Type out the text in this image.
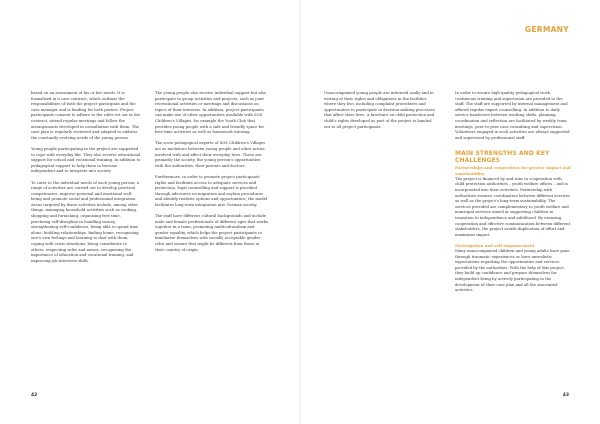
GERMANY

based on an assessment of his or her needs. It is formalised in a care contract, which outlines the responsibilities of both the project participant and the case manager and is binding for both parties. Project participants consent to adhere to the rules set out in the contract, attend regular meetings and follow the arrangements developed in consultation with them. The care plan is regularly reviewed and adapted to address the constantly evolving needs of the young person.

Young people participating in the project are supported to cope with everyday life. They also receive educational support for school and vocational training. In addition to pedagogical support to help them to become independent and to integrate into society.

To cater to the individual needs of each young person, a range of activities are carried out to develop practical competencies, improve personal and emotional well-being and promote social and professional integration. Areas targeted by these activities include, among other things, managing household activities such as cooking, shopping and furnishing, organising free time, practising self-discipline in handling money, strengthening self-confidence, being able to spend time alone, building relationships, finding home, recognising one's own feelings and learning to deal with them, coping with crisis situations, being considerate to others, respecting rules and norms, recognising the importance of education and vocational training, and improving job interview skills.

The young people also receive individual support but also participate in group activities and projects, such as joint recreational activities or meetings and discussions on topics of their interests. In addition, project participants can make use of other opportunities available with SOS Children's Villages, for example the Youth Club that provides young people with a safe and friendly space for free-time activities as well as homework tutoring.

The socio-pedagogical experts of SOS Children's Villages act as mediators between young people and other actors involved with and affect their everyday lives. These are primarily the society, the young person's opportunities with the authorities, their parents and doctors.

Furthermore, in order to promote project participants' rights and facilitate access to adequate services and protection, legal counselling and support is provided through advocates on migration and asylum procedures and identify realistic options and opportunities; the model facilitates long-term integration into German society.

The staff have different cultural backgrounds and include male and female professionals of different ages that works together in a team, promoting multiculturalism and gender equality, which helps the project participants to familiarise themselves with socially acceptable gender roles and ensure that might be different from those in their country of origin.

Unaccompanied young people are informed orally and in writing of their rights and obligations in the facilities where they live, including complaint procedures and opportunities to participate in decision-making processes that affect their lives. A brochure on child protection and child's rights developed as part of the project is handed out to all project participants.

In order to ensure high-quality pedagogical work, continuous training and supervision are provided to the staff. The staff are supported by internal management and offered regular expert counselling. In addition to daily service handovers between working shifts, planning, coordination and reflection are facilitated by weekly team meetings, peer-to-peer case consulting and supervision. Volunteers engaged in such activities are always supported and supervised by professional staff.

MAIN STRENGTHS AND KEY CHALLENGES
Partnerships and cooperation for greater impact and sustainability
The project is financed by and runs in cooperation with child protection authorities – youth welfare offices – and is incorporated into their activities. Partnership with authorities ensures coordination between different services as well as the project's long-term sustainability. The services provided are complementary to youth welfare and municipal services aimed at supporting children in transition to independence and adulthood. By ensuring cooperation and effective communication between different stakeholders, the project avoids duplication of effort and maximises impact.
Participation and self-empowerment
Many unaccompanied children and young adults have gone through traumatic experiences or have unrealistic expectations regarding the opportunities and services provided by the authorities. With the help of this project, they build up confidence and prepare themselves for independent living by actively participating in the development of their care plan and all the associated activities.
42	43
